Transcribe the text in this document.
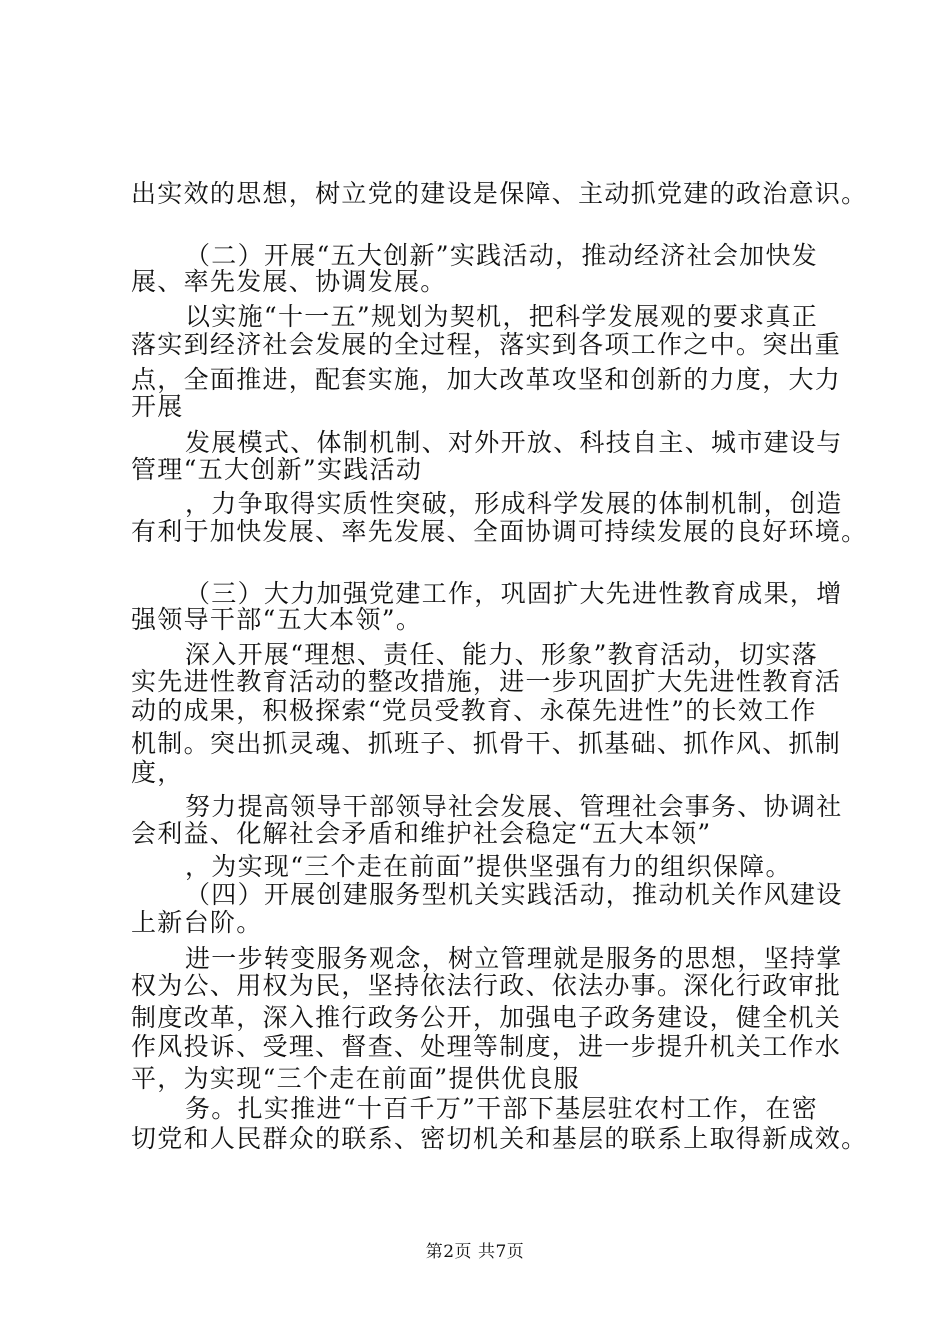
出实效的思想，树立党的建设是保障、主动抓党建的政治意识。
（二）开展“五大创新”实践活动，推动经济社会加快发
展、率先发展、协调发展。
以实施“十一五”规划为契机，把科学发展观的要求真正
落实到经济社会发展的全过程，落实到各项工作之中。突出重
点，全面推进，配套实施，加大改革攻坚和创新的力度，大力
开展
发展模式、体制机制、对外开放、科技自主、城市建设与
管理“五大创新”实践活动
，力争取得实质性突破，形成科学发展的体制机制，创造
有利于加快发展、率先发展、全面协调可持续发展的良好环境。
（三）大力加强党建工作，巩固扩大先进性教育成果，增
强领导干部“五大本领”。
深入开展“理想、责任、能力、形象”教育活动，切实落
实先进性教育活动的整改措施，进一步巩固扩大先进性教育活
动的成果，积极探索“党员受教育、永葆先进性”的长效工作
机制。突出抓灵魂、抓班子、抓骨干、抓基础、抓作风、抓制
度，
努力提高领导干部领导社会发展、管理社会事务、协调社
会利益、化解社会矛盾和维护社会稳定“五大本领”
，为实现“三个走在前面”提供坚强有力的组织保障。
（四）开展创建服务型机关实践活动，推动机关作风建设
上新台阶。
进一步转变服务观念，树立管理就是服务的思想，坚持掌
权为公、用权为民，坚持依法行政、依法办事。深化行政审批
制度改革，深入推行政务公开，加强电子政务建设，健全机关
作风投诉、受理、督查、处理等制度，进一步提升机关工作水
平，为实现“三个走在前面”提供优良服
务。扎实推进“十百千万”干部下基层驻农村工作，在密
切党和人民群众的联系、密切机关和基层的联系上取得新成效。
第2页 共7页
